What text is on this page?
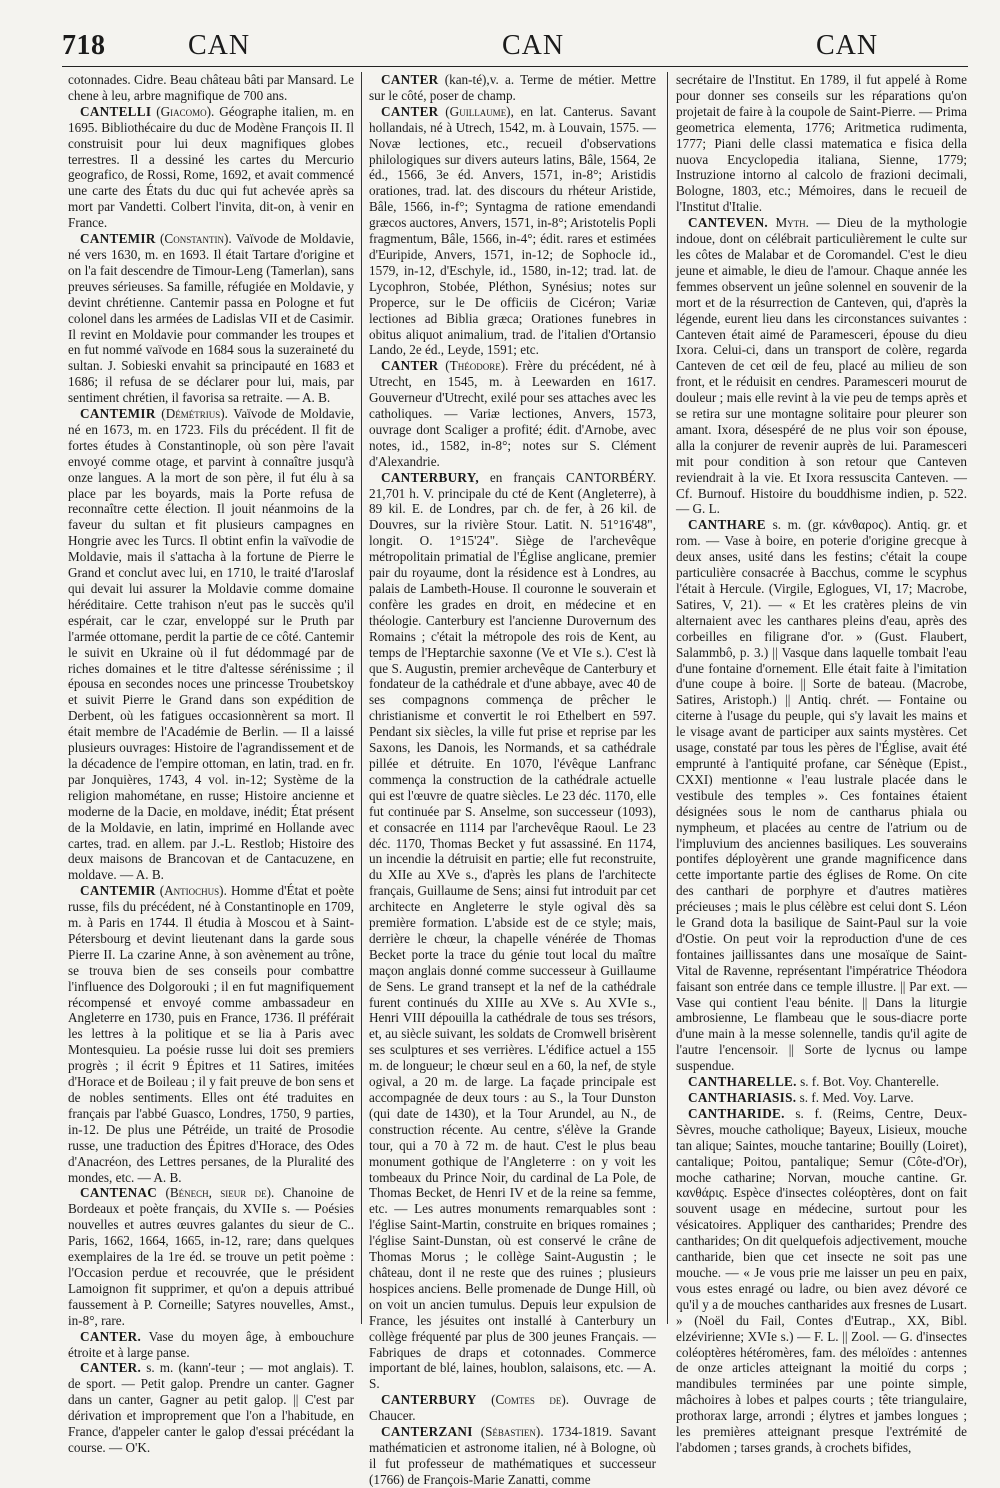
718	CAN	CAN	CAN

cotonnades. Cidre. Beau château bâti par Mansard. Le chene à leu, arbre magnifique de 700 ans.

CANTELLI (Giacomo). Géographe italien, m. en 1695. Bibliothécaire du duc de Modène François II. Il construisit pour lui deux magnifiques globes terrestres. Il a dessiné les cartes du Mercurio geografico, de Rossi, Rome, 1692, et avait commencé une carte des États du duc qui fut achevée après sa mort par Vandetti. Colbert l'invita, dit-on, à venir en France.

CANTEMIR (Constantin). Vaïvode de Moldavie, né vers 1630, m. en 1693. Il était Tartare d'origine et on l'a fait descendre de Timour-Leng (Tamerlan), sans preuves sérieuses. Sa famille, réfugiée en Moldavie, y devint chrétienne. Cantemir passa en Pologne et fut colonel dans les armées de Ladislas VII et de Casimir. Il revint en Moldavie pour commander les troupes et en fut nommé vaïvode en 1684 sous la suzeraineté du sultan. J. Sobieski envahit sa principauté en 1683 et 1686; il refusa de se déclarer pour lui, mais, par sentiment chrétien, il favorisa sa retraite. — A. B.

CANTEMIR (Démétrius). Vaïvode de Moldavie, né en 1673, m. en 1723. Fils du précédent. Il fit de fortes études à Constantinople, où son père l'avait envoyé comme otage, et parvint à connaître jusqu'à onze langues. A la mort de son père, il fut élu à sa place par les boyards, mais la Porte refusa de reconnaître cette élection. Il jouit néanmoins de la faveur du sultan et fit plusieurs campagnes en Hongrie avec les Turcs. Il obtint enfin la vaïvodie de Moldavie, mais il s'attacha à la fortune de Pierre le Grand et conclut avec lui, en 1710, le traité d'Iaroslaf qui devait lui assurer la Moldavie comme domaine héréditaire. Cette trahison n'eut pas le succès qu'il espérait, car le czar, enveloppé sur le Pruth par l'armée ottomane, perdit la partie de ce côté. Cantemir le suivit en Ukraine où il fut dédommagé par de riches domaines et le titre d'altesse sérénissime ; il épousa en secondes noces une princesse Troubetskoy et suivit Pierre le Grand dans son expédition de Derbent, où les fatigues occasionnèrent sa mort. Il était membre de l'Académie de Berlin. — Il a laissé plusieurs ouvrages: Histoire de l'agrandissement et de la décadence de l'empire ottoman, en latin, trad. en fr. par Jonquières, 1743, 4 vol. in-12; Système de la religion mahométane, en russe; Histoire ancienne et moderne de la Dacie, en moldave, inédit; État présent de la Moldavie, en latin, imprimé en Hollande avec cartes, trad. en allem. par J.-L. Restlob; Histoire des deux maisons de Brancovan et de Cantacuzene, en moldave. — A. B.

CANTEMIR (Antiochus). Homme d'État et poète russe, fils du précédent, né à Constantinople en 1709, m. à Paris en 1744. Il étudia à Moscou et à Saint-Pétersbourg et devint lieutenant dans la garde sous Pierre II. La czarine Anne, à son avènement au trône, se trouva bien de ses conseils pour combattre l'influence des Dolgorouki ; il en fut magnifiquement récompensé et envoyé comme ambassadeur en Angleterre en 1730, puis en France, 1736. Il préférait les lettres à la politique et se lia à Paris avec Montesquieu. La poésie russe lui doit ses premiers progrès ; il écrit 9 Épitres et 11 Satires, imitées d'Horace et de Boileau ; il y fait preuve de bon sens et de nobles sentiments. Elles ont été traduites en français par l'abbé Guasco, Londres, 1750, 9 parties, in-12. De plus une Pétréide, un traité de Prosodie russe, une traduction des Épitres d'Horace, des Odes d'Anacréon, des Lettres persanes, de la Pluralité des mondes, etc. — A. B.

CANTENAC (Bénech, sieur de). Chanoine de Bordeaux et poète français, du XVIIe s. — Poésies nouvelles et autres œuvres galantes du sieur de C.. Paris, 1662, 1664, 1665, in-12, rare; dans quelques exemplaires de la 1re éd. se trouve un petit poème : l'Occasion perdue et recouvrée, que le président Lamoignon fit supprimer, et qu'on a depuis attribué faussement à P. Corneille; Satyres nouvelles, Amst., in-8°, rare.

CANTER. Vase du moyen âge, à embouchure étroite et à large panse.

CANTER. s. m. (kann'-teur ; — mot anglais). T. de sport. — Petit galop. Prendre un canter. Gagner dans un canter, Gagner au petit galop. || C'est par dérivation et improprement que l'on a l'habitude, en France, d'appeler canter le galop d'essai précédant la course. — O'K.

CANTER (kan-té),v. a. Terme de métier. Mettre sur le côté, poser de champ.

CANTER (Guillaume), en lat. Canterus. Savant hollandais, né à Utrech, 1542, m. à Louvain, 1575. — Novæ lectiones, etc., recueil d'observations philologiques sur divers auteurs latins, Bâle, 1564, 2e éd., 1566, 3e éd. Anvers, 1571, in-8°; Aristidis orationes, trad. lat. des discours du rhéteur Aristide, Bâle, 1566, in-f°; Syntagma de ratione emendandi græcos auctores, Anvers, 1571, in-8°; Aristotelis Popli fragmentum, Bâle, 1566, in-4°; édit. rares et estimées d'Euripide, Anvers, 1571, in-12; de Sophocle id., 1579, in-12, d'Eschyle, id., 1580, in-12; trad. lat. de Lycophron, Stobée, Pléthon, Synésius; notes sur Properce, sur le De officiis de Cicéron; Variæ lectiones ad Biblia græca; Orationes funebres in obitus aliquot animalium, trad. de l'italien d'Ortansio Lando, 2e éd., Leyde, 1591; etc.

CANTER (Théodore). Frère du précédent, né à Utrecht, en 1545, m. à Leewarden en 1617. Gouverneur d'Utrecht, exilé pour ses attaches avec les catholiques. — Variæ lectiones, Anvers, 1573, ouvrage dont Scaliger a profité; édit. d'Arnobe, avec notes, id., 1582, in-8°; notes sur S. Clément d'Alexandrie.

CANTERBURY, en français CANTORBÉRY. 21,701 h. V. principale du cté de Kent (Angleterre), à 89 kil. E. de Londres, par ch. de fer, à 26 kil. de Douvres, sur la rivière Stour. Latit. N. 51°16'48", longit. O. 1°15'24". Siège de l'archevêque métropolitain primatial de l'Église anglicane, premier pair du royaume, dont la résidence est à Londres, au palais de Lambeth-House. Il couronne le souverain et confère les grades en droit, en médecine et en théologie. Canterbury est l'ancienne Durovernum des Romains ; c'était la métropole des rois de Kent, au temps de l'Heptarchie saxonne (Ve et VIe s.). C'est là que S. Augustin, premier archevêque de Canterbury et fondateur de la cathédrale et d'une abbaye, avec 40 de ses compagnons commença de prêcher le christianisme et convertit le roi Ethelbert en 597. Pendant six siècles, la ville fut prise et reprise par les Saxons, les Danois, les Normands, et sa cathédrale pillée et détruite. En 1070, l'évêque Lanfranc commença la construction de la cathédrale actuelle qui est l'œuvre de quatre siècles. Le 23 déc. 1170, elle fut continuée par S. Anselme, son successeur (1093), et consacrée en 1114 par l'archevêque Raoul. Le 23 déc. 1170, Thomas Becket y fut assassiné. En 1174, un incendie la détruisit en partie; elle fut reconstruite, du XIIe au XVe s., d'après les plans de l'architecte français, Guillaume de Sens; ainsi fut introduit par cet architecte en Angleterre le style ogival dès sa première formation. L'abside est de ce style; mais, derrière le chœur, la chapelle vénérée de Thomas Becket porte la trace du génie tout local du maître maçon anglais donné comme successeur à Guillaume de Sens. Le grand transept et la nef de la cathédrale furent continués du XIIIe au XVe s. Au XVIe s., Henri VIII dépouilla la cathédrale de tous ses trésors, et, au siècle suivant, les soldats de Cromwell brisèrent ses sculptures et ses verrières. L'édifice actuel a 155 m. de longueur; le chœur seul en a 60, la nef, de style ogival, a 20 m. de large. La façade principale est accompagnée de deux tours : au S., la Tour Dunston (qui date de 1430), et la Tour Arundel, au N., de construction récente. Au centre, s'élève la Grande tour, qui a 70 à 72 m. de haut. C'est le plus beau monument gothique de l'Angleterre : on y voit les tombeaux du Prince Noir, du cardinal de La Pole, de Thomas Becket, de Henri IV et de la reine sa femme, etc. — Les autres monuments remarquables sont : l'église Saint-Martin, construite en briques romaines ; l'église Saint-Dunstan, où est conservé le crâne de Thomas Morus ; le collège Saint-Augustin ; le château, dont il ne reste que des ruines ; plusieurs hospices anciens. Belle promenade de Dunge Hill, où on voit un ancien tumulus. Depuis leur expulsion de France, les jésuites ont installé à Canterbury un collège fréquenté par plus de 300 jeunes Français. — Fabriques de draps et cotonnades. Commerce important de blé, laines, houblon, salaisons, etc. — A. S.

CANTERBURY (Comtes de). Ouvrage de Chaucer.

CANTERZANI (Sébastien). 1734-1819. Savant mathématicien et astronome italien, né à Bologne, où il fut professeur de mathématiques et successeur (1766) de François-Marie Zanatti, comme

secrétaire de l'Institut. En 1789, il fut appelé à Rome pour donner ses conseils sur les réparations qu'on projetait de faire à la coupole de Saint-Pierre. — Prima geometrica elementa, 1776; Aritmetica rudimenta, 1777; Piani delle classi matematica e fisica della nuova Encyclopedia italiana, Sienne, 1779; Instruzione intorno al calcolo de frazioni decimali, Bologne, 1803, etc.; Mémoires, dans le recueil de l'Institut d'Italie.

CANTEVEN. Myth. — Dieu de la mythologie indoue, dont on célébrait particulièrement le culte sur les côtes de Malabar et de Coromandel. C'est le dieu jeune et aimable, le dieu de l'amour. Chaque année les femmes observent un jeûne solennel en souvenir de la mort et de la résurrection de Canteven, qui, d'après la légende, eurent lieu dans les circonstances suivantes : Canteven était aimé de Paramesceri, épouse du dieu Ixora. Celui-ci, dans un transport de colère, regarda Canteven de cet œil de feu, placé au milieu de son front, et le réduisit en cendres. Paramesceri mourut de douleur ; mais elle revint à la vie peu de temps après et se retira sur une montagne solitaire pour pleurer son amant. Ixora, désespéré de ne plus voir son épouse, alla la conjurer de revenir auprès de lui. Paramesceri mit pour condition à son retour que Canteven reviendrait à la vie. Et Ixora ressuscita Canteven. — Cf. Burnouf. Histoire du bouddhisme indien, p. 522. — G. L.

CANTHARE s. m. (gr. κάνθαρος). Antiq. gr. et rom. — Vase à boire, en poterie d'origine grecque à deux anses, usité dans les festins; c'était la coupe particulière consacrée à Bacchus, comme le scyphus l'était à Hercule. (Virgile, Eglogues, VI, 17; Macrobe, Satires, V, 21). — « Et les cratères pleins de vin alternaient avec les canthares pleins d'eau, après des corbeilles en filigrane d'or. » (Gust. Flaubert, Salammbô, p. 3.) || Vasque dans laquelle tombait l'eau d'une fontaine d'ornement. Elle était faite à l'imitation d'une coupe à boire. || Sorte de bateau. (Macrobe, Satires, Aristoph.) || Antiq. chrét. — Fontaine ou citerne à l'usage du peuple, qui s'y lavait les mains et le visage avant de participer aux saints mystères. Cet usage, constaté par tous les pères de l'Église, avait été emprunté à l'antiquité profane, car Sénèque (Epist., CXXI) mentionne « l'eau lustrale placée dans le vestibule des temples ». Ces fontaines étaient désignées sous le nom de cantharus phiala ou nympheum, et placées au centre de l'atrium ou de l'impluvium des anciennes basiliques. Les souverains pontifes déployèrent une grande magnificence dans cette importante partie des églises de Rome. On cite des canthari de porphyre et d'autres matières précieuses ; mais le plus célèbre est celui dont S. Léon le Grand dota la basilique de Saint-Paul sur la voie d'Ostie. On peut voir la reproduction d'une de ces fontaines jaillissantes dans une mosaïque de Saint-Vital de Ravenne, représentant l'impératrice Théodora faisant son entrée dans ce temple illustre. || Par ext. — Vase qui contient l'eau bénite. || Dans la liturgie ambrosienne, Le flambeau que le sous-diacre porte d'une main à la messe solennelle, tandis qu'il agite de l'autre l'encensoir. || Sorte de lycnus ou lampe suspendue.

CANTHARELLE. s. f. Bot. Voy. Chanterelle.

CANTHARIASIS. s. f. Med. Voy. Larve.

CANTHARIDE. s. f. (Reims, Centre, Deux-Sèvres, mouche catholique; Bayeux, Lisieux, mouche tan alique; Saintes, mouche tantarine; Bouilly (Loiret), cantalique; Poitou, pantalique; Semur (Côte-d'Or), moche catharine; Norvan, mouche cantine. Gr. κανθάρις. Espèce d'insectes coléoptères, dont on fait souvent usage en médecine, surtout pour les vésicatoires. Appliquer des cantharides; Prendre des cantharides; On dit quelquefois adjectivement, mouche cantharide, bien que cet insecte ne soit pas une mouche. — « Je vous prie me laisser un peu en paix, vous estes enragé ou ladre, ou bien avez dévoré ce qu'il y a de mouches cantharides aux fresnes de Lusart. » (Noël du Fail, Contes d'Eutrap., XX, Bibl. elzévirienne; XVIe s.) — F. L. || Zool. — G. d'insectes coléoptères hétéromères, fam. des méloïdes : antennes de onze articles atteignant la moitié du corps ; mandibules terminées par une pointe simple, mâchoires à lobes et palpes courts ; tête triangulaire, prothorax large, arrondi ; élytres et jambes longues ; les premières atteignant presque l'extrémité de l'abdomen ; tarses grands, à crochets bifides,
